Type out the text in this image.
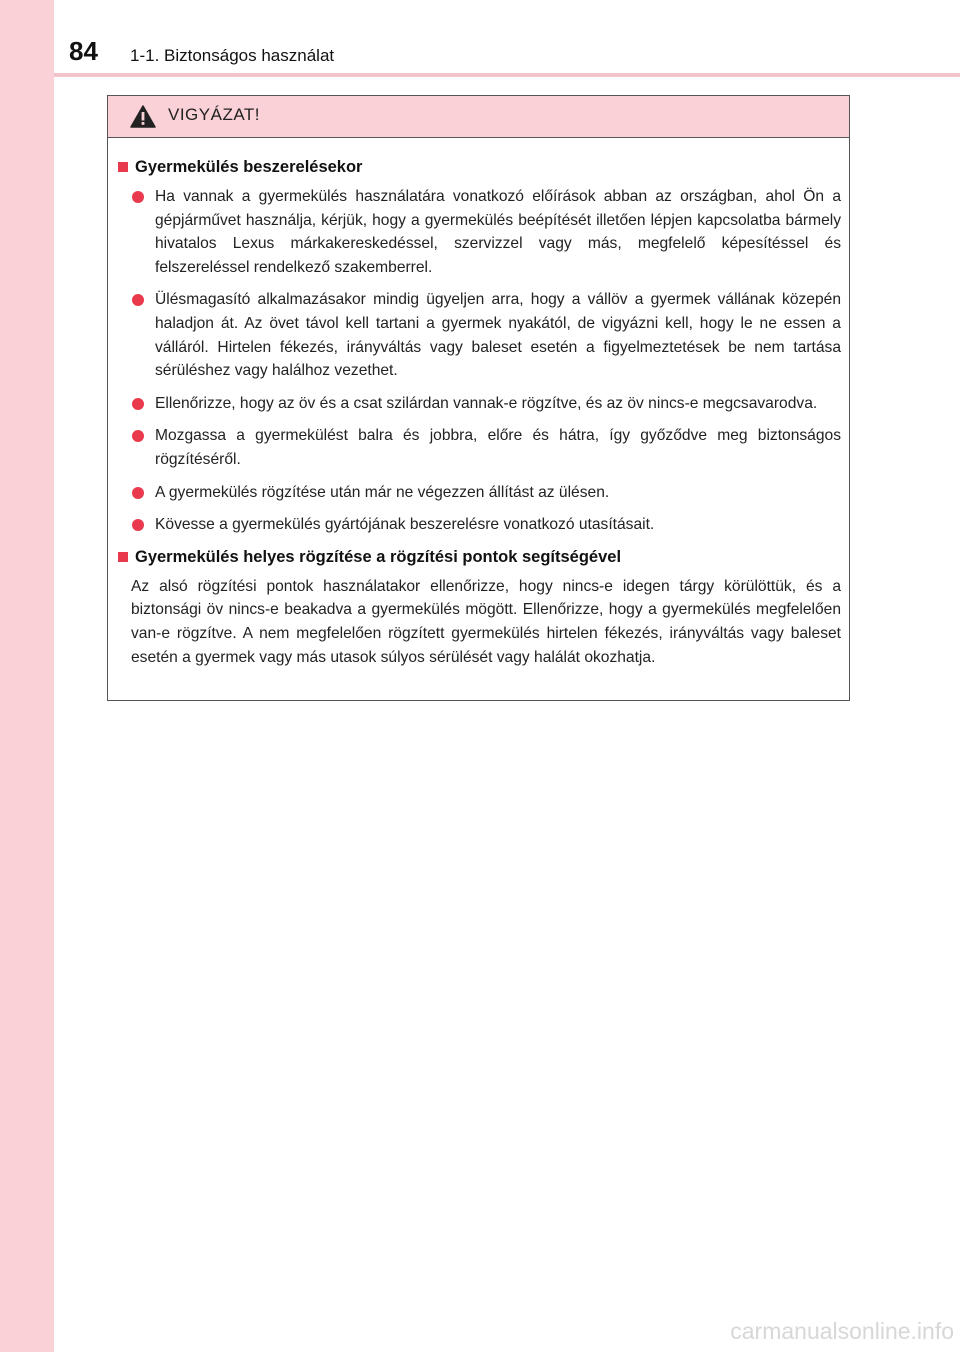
84 1-1. Biztonságos használat
VIGYÁZAT!
Gyermekülés beszerelésekor
Ha vannak a gyermekülés használatára vonatkozó előírások abban az országban, ahol Ön a gépjárművet használja, kérjük, hogy a gyermekülés beépítését illetően lépjen kapcsolatba bármely hivatalos Lexus márkakereskedéssel, szervizzel vagy más, megfelelő képesítéssel és felszereléssel rendelkező szakemberrel.
Ülésmagasító alkalmazásakor mindig ügyeljen arra, hogy a vállöv a gyermek vállának közepén haladjon át. Az övet távol kell tartani a gyermek nyakától, de vigyázni kell, hogy le ne essen a válláról. Hirtelen fékezés, irányváltás vagy baleset esetén a figyelmeztetések be nem tartása sérüléshez vagy halálhoz vezethet.
Ellenőrizze, hogy az öv és a csat szilárdan vannak-e rögzítve, és az öv nincs-e megcsavarodva.
Mozgassa a gyermekülést balra és jobbra, előre és hátra, így győződve meg biztonságos rögzítéséről.
A gyermekülés rögzítése után már ne végezzen állítást az ülésen.
Kövesse a gyermekülés gyártójának beszerelésre vonatkozó utasításait.
Gyermekülés helyes rögzítése a rögzítési pontok segítségével
Az alsó rögzítési pontok használatakor ellenőrizze, hogy nincs-e idegen tárgy körülöttük, és a biztonsági öv nincs-e beakadva a gyermekülés mögött. Ellenőrizze, hogy a gyermekülés megfelelően van-e rögzítve. A nem megfelelően rögzített gyermekülés hirtelen fékezés, irányváltás vagy baleset esetén a gyermek vagy más utasok súlyos sérülését vagy halálát okozhatja.
carmanualsonline.info
